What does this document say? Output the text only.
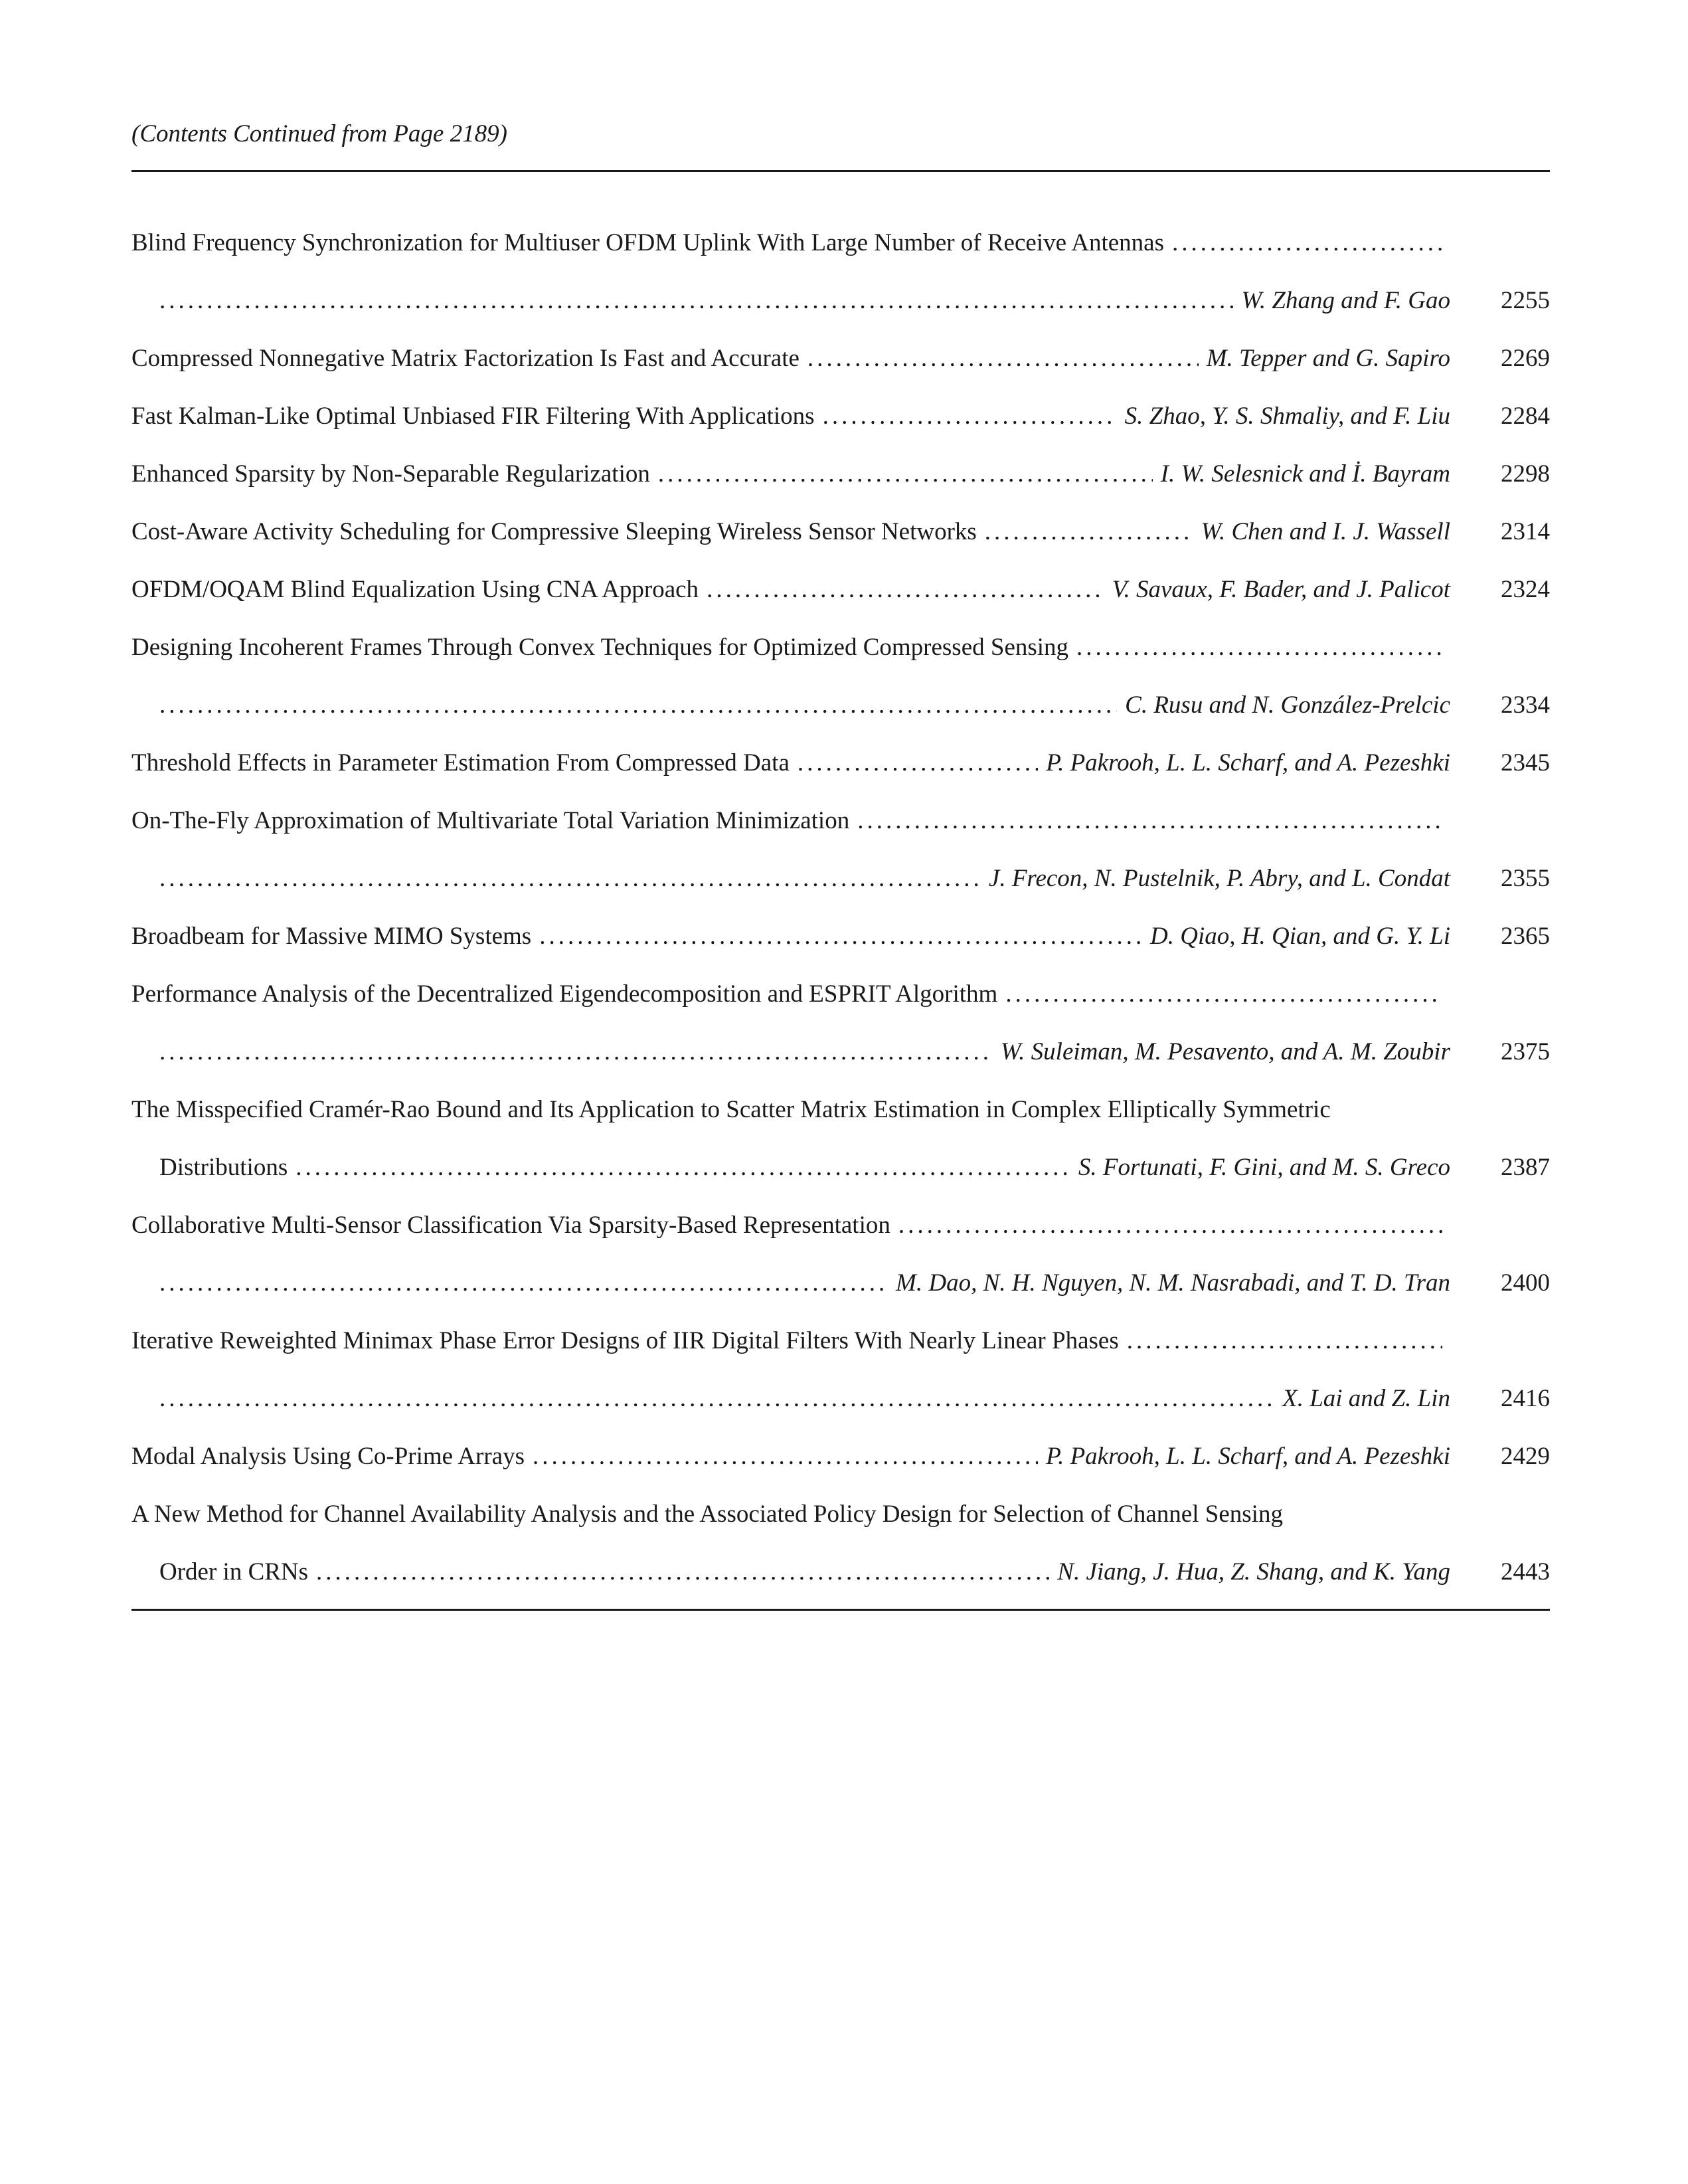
(Contents Continued from Page 2189)
Blind Frequency Synchronization for Multiuser OFDM Uplink With Large Number of Receive Antennas
.....
.....
W. Zhang and F. Gao	2255
Compressed Nonnegative Matrix Factorization Is Fast and Accurate .....	M. Tepper and G. Sapiro	2269
Fast Kalman-Like Optimal Unbiased FIR Filtering With Applications .....	S. Zhao, Y. S. Shmaliy, and F. Liu	2284
Enhanced Sparsity by Non-Separable Regularization .....	I. W. Selesnick and İ. Bayram	2298
Cost-Aware Activity Scheduling for Compressive Sleeping Wireless Sensor Networks .....	W. Chen and I. J. Wassell	2314
OFDM/OQAM Blind Equalization Using CNA Approach .....	V. Savaux, F. Bader, and J. Palicot	2324
Designing Incoherent Frames Through Convex Techniques for Optimized Compressed Sensing
.....
.....
C. Rusu and N. González-Prelcic	2334
Threshold Effects in Parameter Estimation From Compressed Data .....	P. Pakrooh, L. L. Scharf, and A. Pezeshki	2345
On-The-Fly Approximation of Multivariate Total Variation Minimization
.....
.....
J. Frecon, N. Pustelnik, P. Abry, and L. Condat	2355
Broadbeam for Massive MIMO Systems .....	D. Qiao, H. Qian, and G. Y. Li	2365
Performance Analysis of the Decentralized Eigendecomposition and ESPRIT Algorithm
.....
.....
W. Suleiman, M. Pesavento, and A. M. Zoubir	2375
The Misspecified Cramér-Rao Bound and Its Application to Scatter Matrix Estimation in Complex Elliptically Symmetric
Distributions .....	S. Fortunati, F. Gini, and M. S. Greco	2387
Collaborative Multi-Sensor Classification Via Sparsity-Based Representation
.....
.....
M. Dao, N. H. Nguyen, N. M. Nasrabadi, and T. D. Tran	2400
Iterative Reweighted Minimax Phase Error Designs of IIR Digital Filters With Nearly Linear Phases
.....
.....
X. Lai and Z. Lin	2416
Modal Analysis Using Co-Prime Arrays .....	P. Pakrooh, L. L. Scharf, and A. Pezeshki	2429
A New Method for Channel Availability Analysis and the Associated Policy Design for Selection of Channel Sensing
Order in CRNs .....	N. Jiang, J. Hua, Z. Shang, and K. Yang	2443
